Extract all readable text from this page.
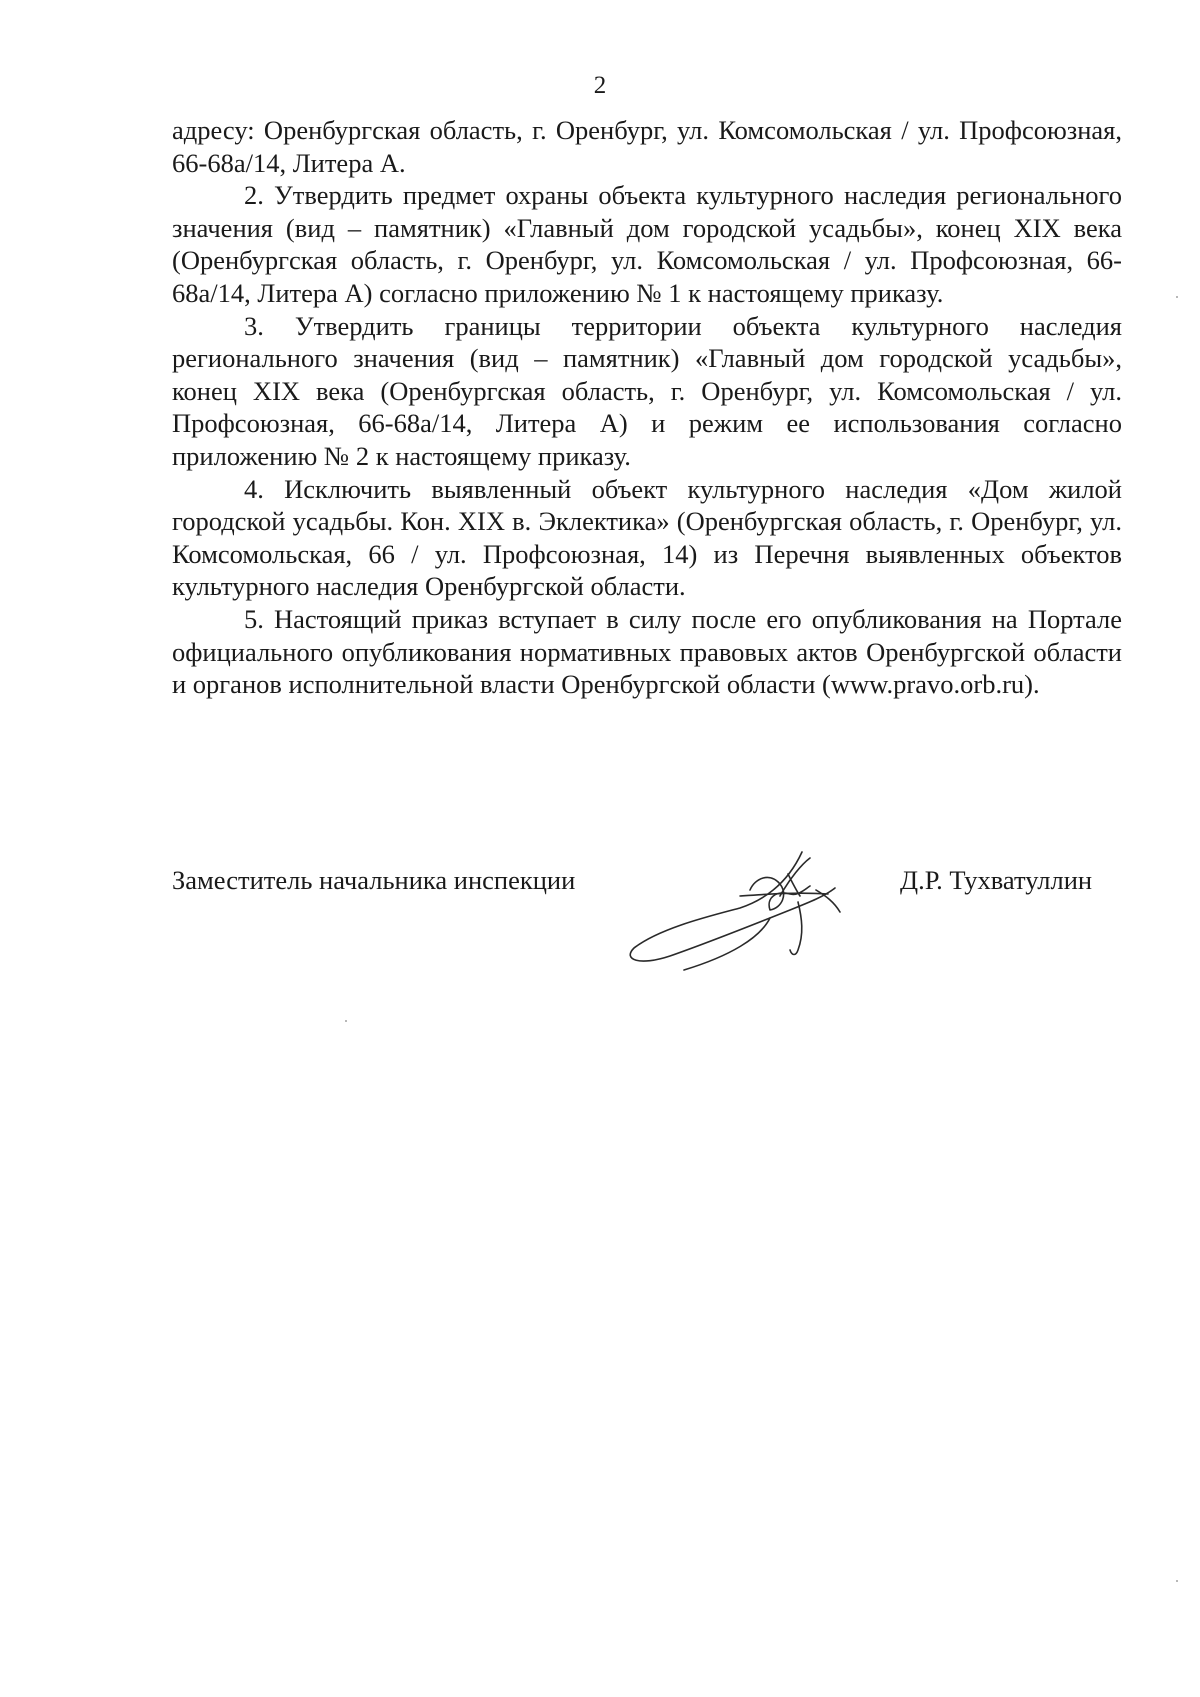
2

адресу: Оренбургская область, г. Оренбург, ул. Комсомольская / ул. Профсоюзная, 66-68а/14, Литера А.

2. Утвердить предмет охраны объекта культурного наследия регионального значения (вид – памятник) «Главный дом городской усадьбы», конец XIX века (Оренбургская область, г. Оренбург, ул. Комсомольская / ул. Профсоюзная, 66-68а/14, Литера А) согласно приложению № 1 к настоящему приказу.

3. Утвердить границы территории объекта культурного наследия регионального значения (вид – памятник) «Главный дом городской усадьбы», конец XIX века (Оренбургская область, г. Оренбург, ул. Комсомольская / ул. Профсоюзная, 66-68а/14, Литера А) и режим ее использования согласно приложению № 2 к настоящему приказу.

4. Исключить выявленный объект культурного наследия «Дом жилой городской усадьбы. Кон. XIX в. Эклектика» (Оренбургская область, г. Оренбург, ул. Комсомольская, 66 / ул. Профсоюзная, 14) из Перечня выявленных объектов культурного наследия Оренбургской области.

5. Настоящий приказ вступает в силу после его опубликования на Портале официального опубликования нормативных правовых актов Оренбургской области и органов исполнительной власти Оренбургской области (www.pravo.orb.ru).

Заместитель начальника инспекции	Д.Р. Тухватуллин
